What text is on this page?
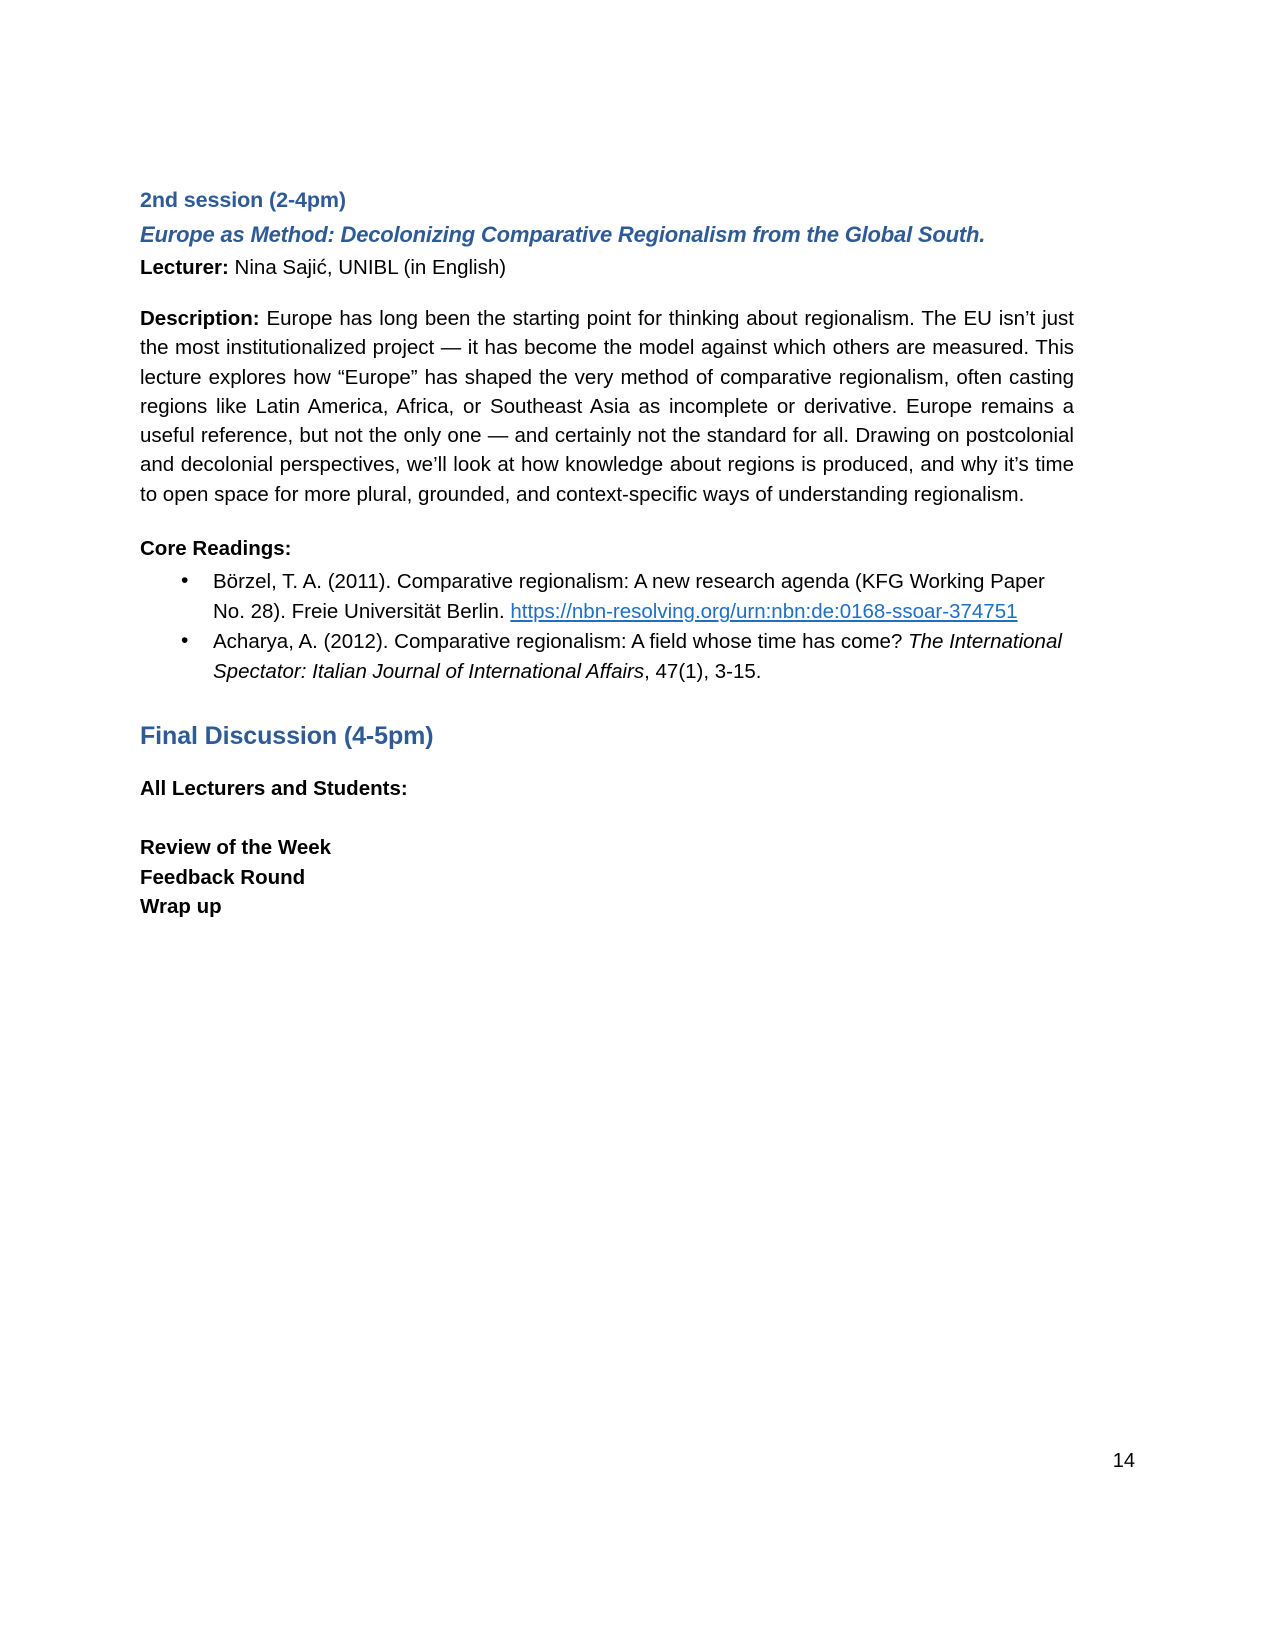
2nd session (2-4pm)
Europe as Method: Decolonizing Comparative Regionalism from the Global South.

Lecturer: Nina Sajić, UNIBL (in English)

Description: Europe has long been the starting point for thinking about regionalism. The EU isn’t just the most institutionalized project — it has become the model against which others are measured. This lecture explores how “Europe” has shaped the very method of comparative regionalism, often casting regions like Latin America, Africa, or Southeast Asia as incomplete or derivative. Europe remains a useful reference, but not the only one — and certainly not the standard for all. Drawing on postcolonial and decolonial perspectives, we’ll look at how knowledge about regions is produced, and why it’s time to open space for more plural, grounded, and context-specific ways of understanding regionalism.

Core Readings:

• Börzel, T. A. (2011). Comparative regionalism: A new research agenda (KFG Working Paper No. 28). Freie Universität Berlin. https://nbn-resolving.org/urn:nbn:de:0168-ssoar-374751
• Acharya, A. (2012). Comparative regionalism: A field whose time has come? The International Spectator: Italian Journal of International Affairs, 47(1), 3-15.
Final Discussion (4-5pm)

All Lecturers and Students:

Review of the Week
Feedback Round
Wrap up
14
